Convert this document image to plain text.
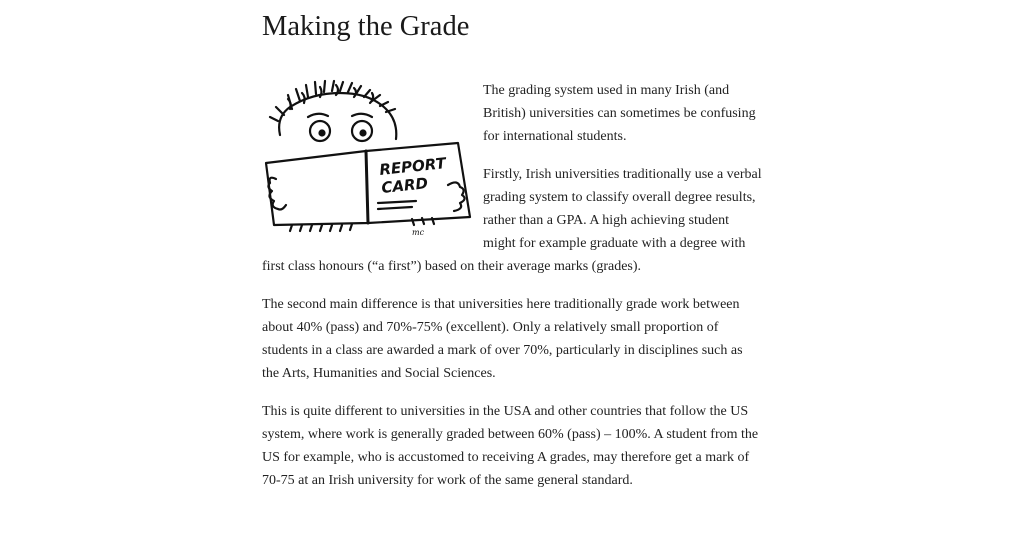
Making the Grade
REPORT
CARD
mc

The grading system used in many Irish (and British) universities can sometimes be confusing for international students.

Firstly, Irish universities traditionally use a verbal grading system to classify overall degree results, rather than a GPA. A high achieving student might for example graduate with a degree with first class honours (“a first”) based on their average marks (grades).

The second main difference is that universities here traditionally grade work between about 40% (pass) and 70%-75% (excellent). Only a relatively small proportion of students in a class are awarded a mark of over 70%, particularly in disciplines such as the Arts, Humanities and Social Sciences.

This is quite different to universities in the USA and other countries that follow the US system, where work is generally graded between 60% (pass) – 100%. A student from the US for example, who is accustomed to receiving A grades, may therefore get a mark of 70-75 at an Irish university for work of the same general standard.
